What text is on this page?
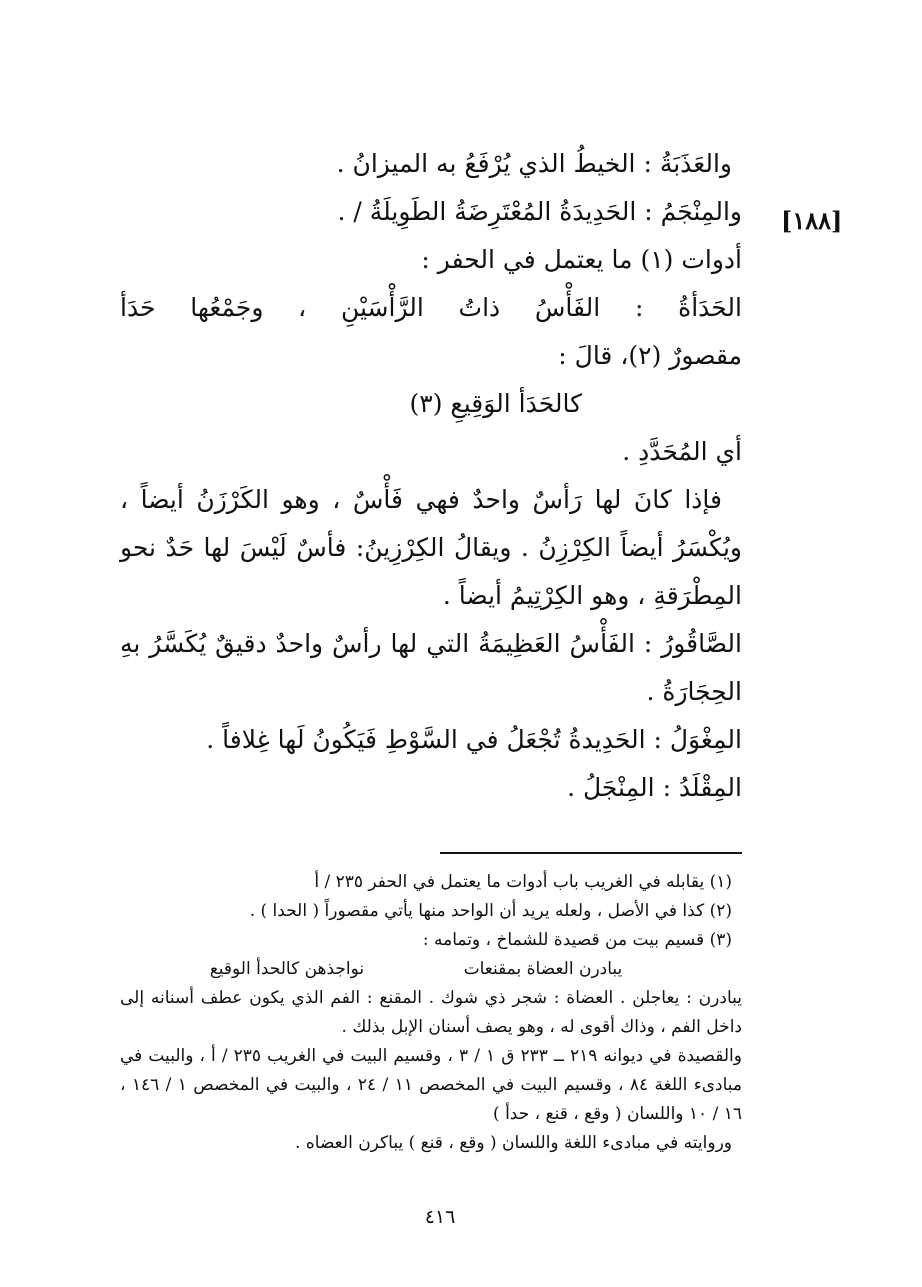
[١٨٨]

والعَذَبَةُ : الخيطُ الذي يُرْفَعُ به الميزانُ .

والمِنْجَمُ : الحَدِيدَةُ المُعْتَرِضَةُ الطَوِيلَةُ / .

أدوات (١) ما يعتمل في الحفر :

الحَدَأةُ : الفَأْسُ ذاتُ الرَّأْسَيْنِ ، وجَمْعُها حَدَأ

مقصورٌ (٢)، قالَ :

كالحَدَأ الوَقِيعِ (٣)

أي المُحَدَّدِ .

فإذا كانَ لها رَأسٌ واحدٌ فهي فَأْسٌ ، وهو الكَرْزَنُ أيضاً ، ويُكْسَرُ أيضاً الكِرْزِنُ . ويقالُ الكِرْزِينُ: فأسٌ لَيْسَ لها حَدٌ نحو المِطْرَقةِ ، وهو الكِرْتِيمُ أيضاً .

الصَّاقُورُ : الفَأْسُ العَظِيمَةُ التي لها رأسٌ واحدٌ دقيقٌ يُكَسَّرُ بهِ الحِجَارَةُ .

المِغْوَلُ : الحَدِيدةُ تُجْعَلُ في السَّوْطِ فَيَكُونُ لَها غِلافاً .

المِقْلَدُ : المِنْجَلُ .

(١) يقابله في الغريب باب أدوات ما يعتمل في الحفر ٢٣٥ / أ

(٢) كذا في الأصل ، ولعله يريد أن الواحد منها يأتي مقصوراً ( الحدا ) .

(٣) قسيم بيت من قصيدة للشماخ ، وتمامه :

يبادرن العضاة بمقنعات
نواجذهن كالحدأ الوقيع

يبادرن : يعاجلن . العضاة : شجر ذي شوك . المقنع : الفم الذي يكون عطف أسنانه إلى داخل الفم ، وذاك أقوى له ، وهو يصف أسنان الإبل بذلك .

والقصيدة في ديوانه ٢١٩ ــ ٢٣٣ ق ١ / ٣ ، وقسيم البيت في الغريب ٢٣٥ / أ ، والبيت في مبادىء اللغة ٨٤ ، وقسيم البيت في المخصص ١١ / ٢٤ ، والبيت في المخصص ١ / ١٤٦ ، ١٦ / ١٠ واللسان ( وقع ، قنع ، حدأ )

وروايته في مبادىء اللغة واللسان ( وقع ، قنع ) يباكرن العضاه .

٤١٦
